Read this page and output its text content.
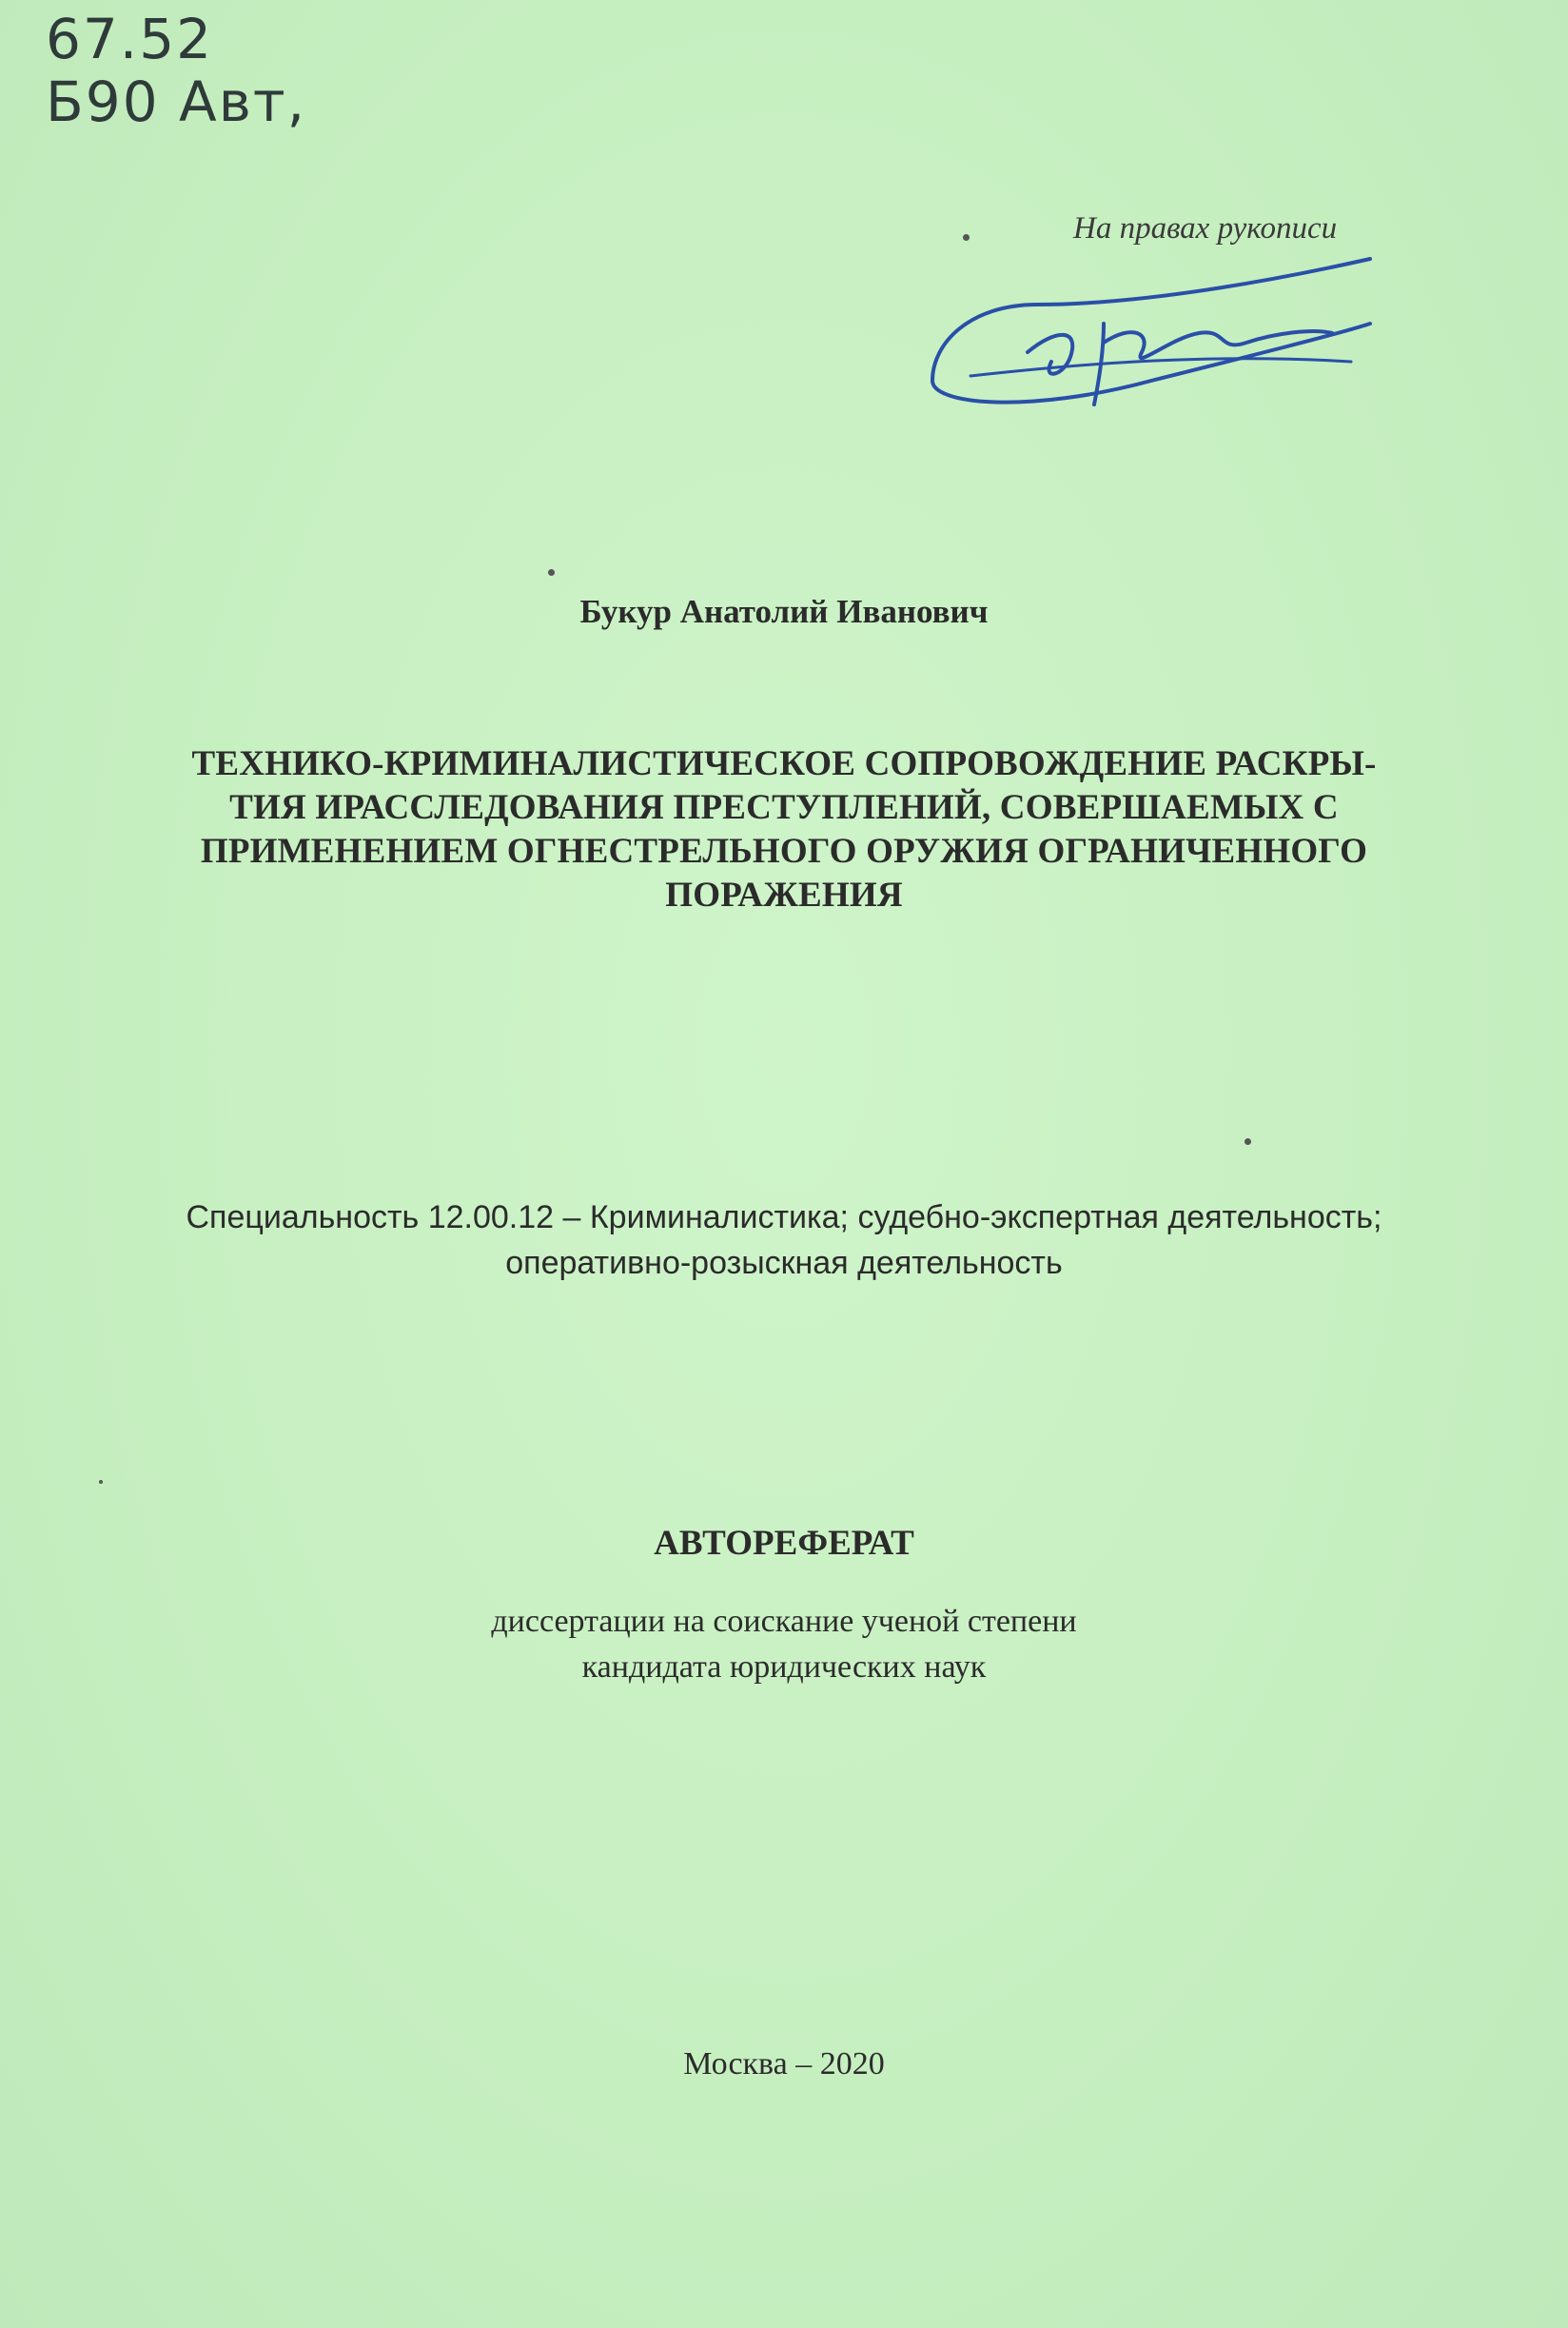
67.52
Б90 Авт,
На правах рукописи
Букур Анатолий Иванович
ТЕХНИКО-КРИМИНАЛИСТИЧЕСКОЕ СОПРОВОЖДЕНИЕ РАСКРЫ-
ТИЯ ИРАССЛЕДОВАНИЯ ПРЕСТУПЛЕНИЙ, СОВЕРШАЕМЫХ С
ПРИМЕНЕНИЕМ ОГНЕСТРЕЛЬНОГО ОРУЖИЯ ОГРАНИЧЕННОГО
ПОРАЖЕНИЯ
Специальность 12.00.12 – Криминалистика; судебно-экспертная деятельность;
оперативно-розыскная деятельность
АВТОРЕФЕРАТ
диссертации на соискание ученой степени
кандидата юридических наук
Москва – 2020
